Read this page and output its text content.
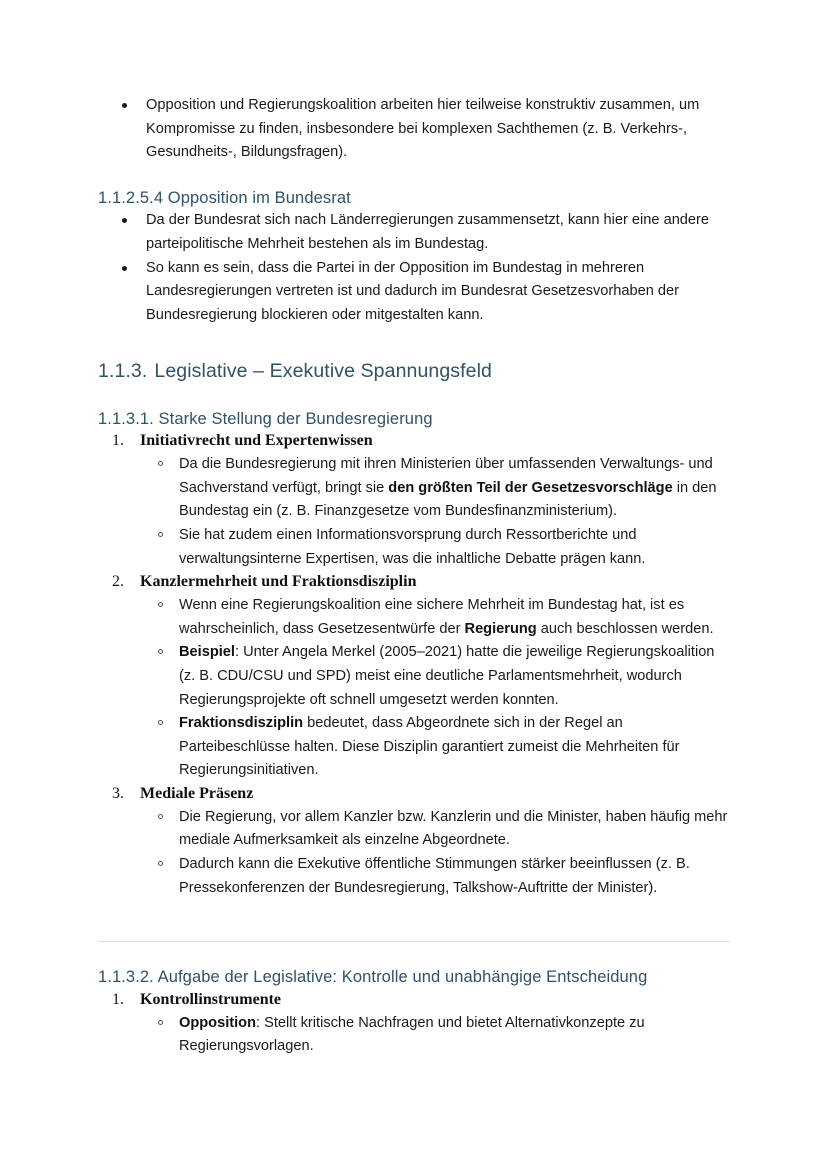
Opposition und Regierungskoalition arbeiten hier teilweise konstruktiv zusammen, um Kompromisse zu finden, insbesondere bei komplexen Sachthemen (z. B. Verkehrs-, Gesundheits-, Bildungsfragen).
1.1.2.5.4 Opposition im Bundesrat
Da der Bundesrat sich nach Länderregierungen zusammensetzt, kann hier eine andere parteipolitische Mehrheit bestehen als im Bundestag.
So kann es sein, dass die Partei in der Opposition im Bundestag in mehreren Landesregierungen vertreten ist und dadurch im Bundesrat Gesetzesvorhaben der Bundesregierung blockieren oder mitgestalten kann.
1.1.3. Legislative – Exekutive Spannungsfeld
1.1.3.1. Starke Stellung der Bundesregierung
Initiativrecht und Expertenwissen
Da die Bundesregierung mit ihren Ministerien über umfassenden Verwaltungs- und Sachverstand verfügt, bringt sie den größten Teil der Gesetzesvorschläge in den Bundestag ein (z. B. Finanzgesetze vom Bundesfinanzministerium).
Sie hat zudem einen Informationsvorsprung durch Ressortberichte und verwaltungsinterne Expertisen, was die inhaltliche Debatte prägen kann.
Kanzlermehrheit und Fraktionsdisziplin
Wenn eine Regierungskoalition eine sichere Mehrheit im Bundestag hat, ist es wahrscheinlich, dass Gesetzesentwürfe der Regierung auch beschlossen werden.
Beispiel: Unter Angela Merkel (2005–2021) hatte die jeweilige Regierungskoalition (z. B. CDU/CSU und SPD) meist eine deutliche Parlamentsmehrheit, wodurch Regierungsprojekte oft schnell umgesetzt werden konnten.
Fraktionsdisziplin bedeutet, dass Abgeordnete sich in der Regel an Parteibeschlüsse halten. Diese Disziplin garantiert zumeist die Mehrheiten für Regierungsinitiativen.
Mediale Präsenz
Die Regierung, vor allem Kanzler bzw. Kanzlerin und die Minister, haben häufig mehr mediale Aufmerksamkeit als einzelne Abgeordnete.
Dadurch kann die Exekutive öffentliche Stimmungen stärker beeinflussen (z. B. Pressekonferenzen der Bundesregierung, Talkshow-Auftritte der Minister).
1.1.3.2. Aufgabe der Legislative: Kontrolle und unabhängige Entscheidung
Kontrollinstrumente
Opposition: Stellt kritische Nachfragen und bietet Alternativkonzepte zu Regierungsvorlagen.
